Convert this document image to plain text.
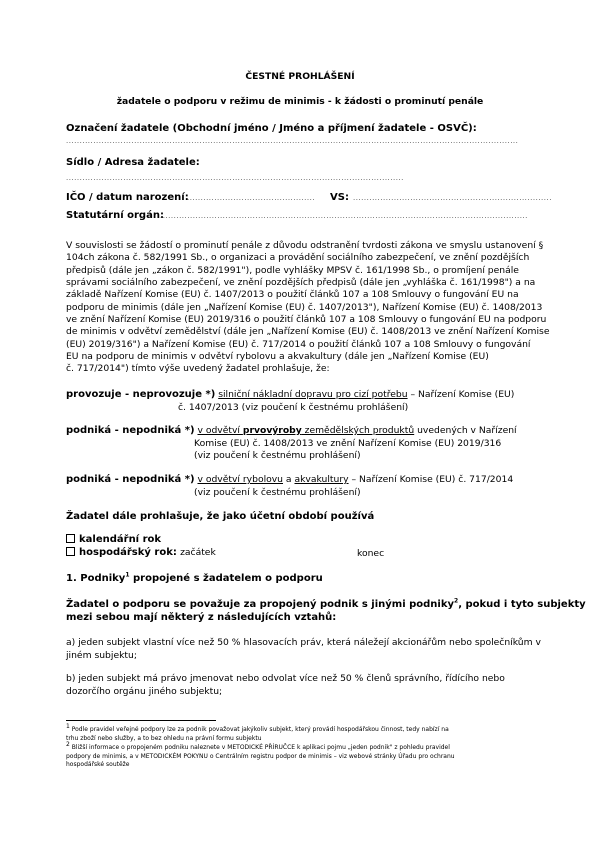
ČESTNÉ PROHLÁŠENÍ
žadatele o podporu v režimu de minimis - k žádosti o prominutí penále
Označení žadatele (Obchodní jméno / Jméno a příjmení žadatele - OSVČ):
......................................................................................................................................................................
Sídlo / Adresa žadatele:
............................................................................................................................
IČO / datum narození:
............................................... VS: .........................................................................
Statutární orgán:
.......................................................................................................................................
V souvislosti se žádostí o prominutí penále z důvodu odstranění tvrdosti zákona ve smyslu ustanovení §
104ch zákona č. 582/1991 Sb., o organizaci a provádění sociálního zabezpečení, ve znění pozdějších
předpisů (dále jen „zákon č. 582/1991"), podle vyhlášky MPSV č. 161/1998 Sb., o promíjení penále
správami sociálního zabezpečení, ve znění pozdějších předpisů (dále jen „vyhláška č. 161/1998") a na
základě Nařízení Komise (EU) č. 1407/2013 o použití článků 107 a 108 Smlouvy o fungování EU na
podporu de minimis (dále jen „Nařízení Komise (EU) č. 1407/2013"), Nařízení Komise (EU) č. 1408/2013
ve znění Nařízení Komise (EU) 2019/316 o použití článků 107 a 108 Smlouvy o fungování EU na podporu
de minimis v odvětví zemědělství (dále jen „Nařízení Komise (EU) č. 1408/2013 ve znění Nařízení Komise
(EU) 2019/316") a Nařízení Komise (EU) č. 717/2014 o použití článků 107 a 108 Smlouvy o fungování
EU na podporu de minimis v odvětví rybolovu a akvakultury (dále jen „Nařízení Komise (EU)
č. 717/2014") tímto výše uvedený žadatel prohlašuje, že:
provozuje - neprovozuje *) silniční nákladní dopravu pro cizí potřebu – Nařízení Komise (EU)
č. 1407/2013 (viz poučení k čestnému prohlášení)
podniká - nepodniká *) v odvětví prvovýroby zemědělských produktů uvedených v Nařízení
Komise (EU) č. 1408/2013 ve znění Nařízení Komise (EU) 2019/316
(viz poučení k čestnému prohlášení)
podniká - nepodniká *) v odvětví rybolovu a akvakultury – Nařízení Komise (EU) č. 717/2014
(viz poučení k čestnému prohlášení)
Žadatel dále prohlašuje, že jako účetní období používá
kalendářní rok
hospodářský rok: začátek	konec
1. Podniky$^1$ propojené s žadatelem o podporu
Žadatel o podporu se považuje za propojený podnik s jinými podniky$^2$, pokud i tyto subjekty
mezi sebou mají některý z následujících vztahů:
a) jeden subjekt vlastní více než 50 % hlasovacích práv, která náležejí akcionářům nebo společníkům v
jiném subjektu;
b) jeden subjekt má právo jmenovat nebo odvolat více než 50 % členů správního, řídícího nebo
dozorčího orgánu jiného subjektu;
$^1$ Podle pravidel veřejné podpory lze za podnik považovat jakýkoliv subjekt, který provádí hospodářskou činnost, tedy nabízí na
trhu zboží nebo služby, a to bez ohledu na právní formu subjektu
$^2$ Bližší informace o propojeném podniku naleznete v METODICKÉ PŘÍRUČCE k aplikaci pojmu „jeden podnik" z pohledu pravidel
podpory de minimis, a v METODICKÉM POKYNU o Centrálním registru podpor de minimis – viz webové stránky Úřadu pro ochranu
hospodářské soutěže
